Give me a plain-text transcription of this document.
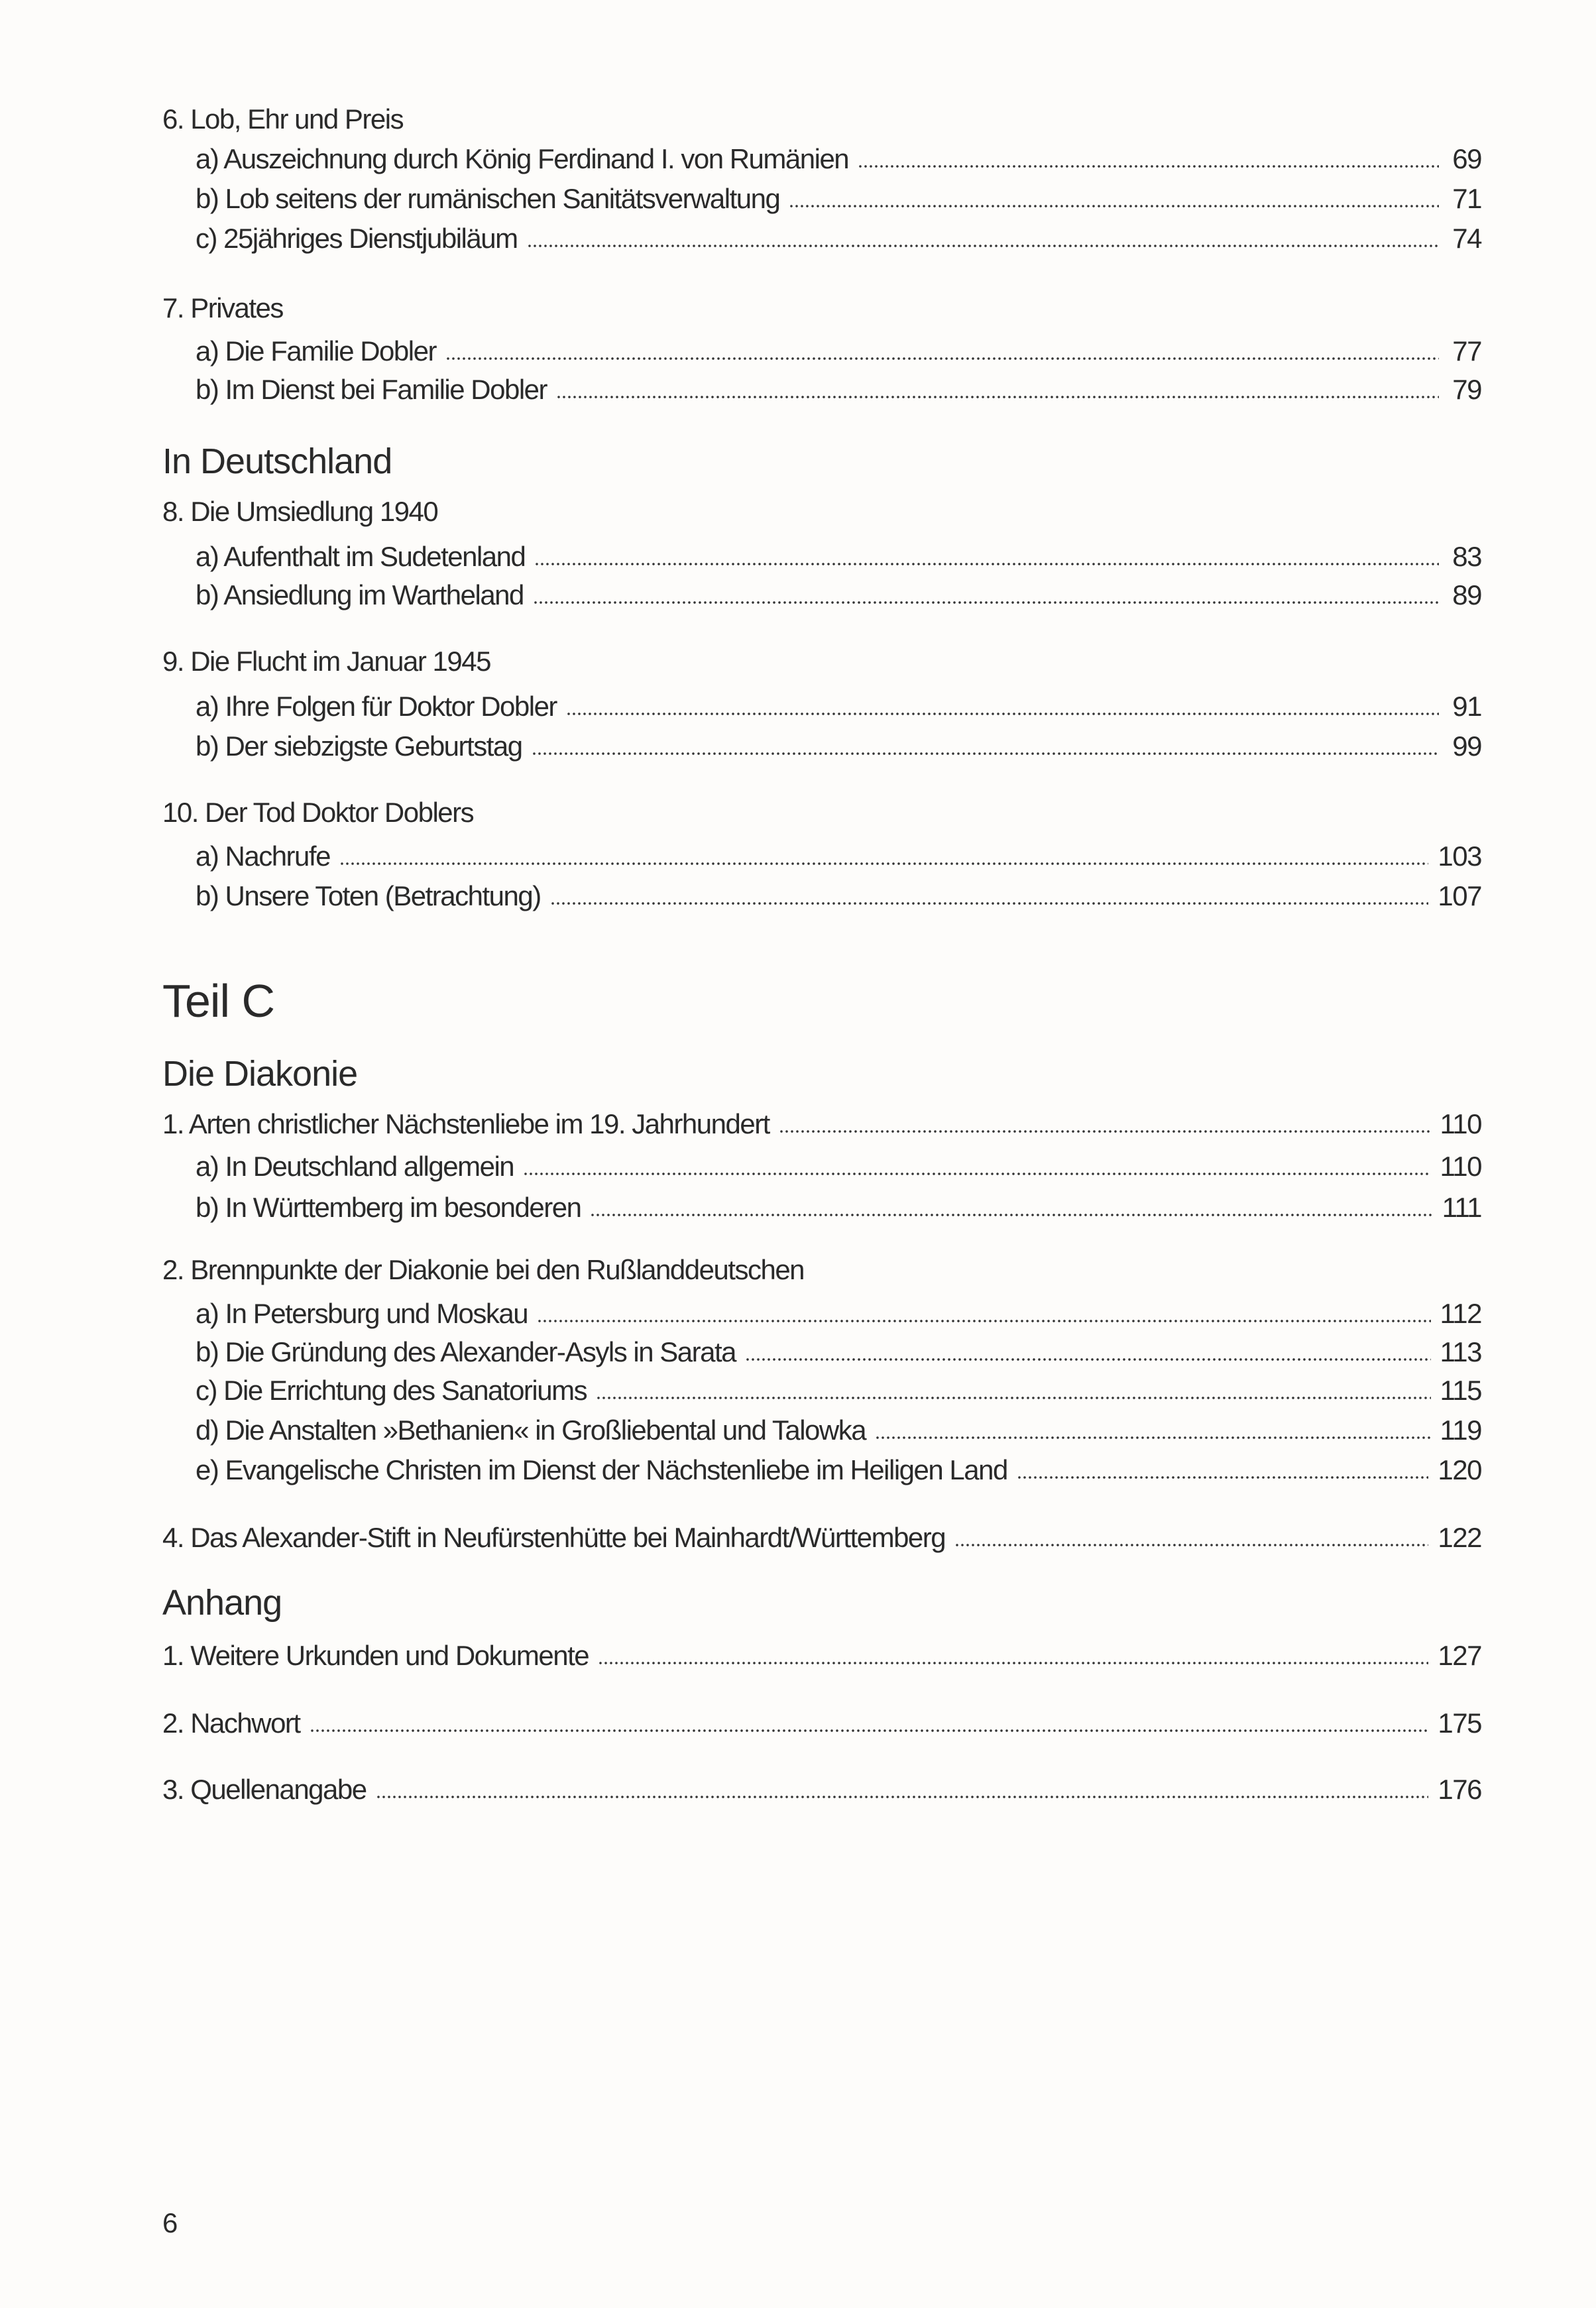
6. Lob, Ehr und Preis
a) Auszeichnung durch König Ferdinand I. von Rumänien	69
b) Lob seitens der rumänischen Sanitätsverwaltung	71
c) 25jähriges Dienstjubiläum	74
7. Privates
a) Die Familie Dobler	77
b) Im Dienst bei Familie Dobler	79
In Deutschland
8. Die Umsiedlung 1940
a) Aufenthalt im Sudetenland	83
b) Ansiedlung im Wartheland	89
9. Die Flucht im Januar 1945
a) Ihre Folgen für Doktor Dobler	91
b) Der siebzigste Geburtstag	99
10. Der Tod Doktor Doblers
a) Nachrufe	103
b) Unsere Toten (Betrachtung)	107
Teil C
Die Diakonie
1. Arten christlicher Nächstenliebe im 19. Jahrhundert	110
a) In Deutschland allgemein	110
b) In Württemberg im besonderen	111
2. Brennpunkte der Diakonie bei den Rußlanddeutschen
a) In Petersburg und Moskau	112
b) Die Gründung des Alexander-Asyls in Sarata	113
c) Die Errichtung des Sanatoriums	115
d) Die Anstalten »Bethanien« in Großliebental und Talowka	119
e) Evangelische Christen im Dienst der Nächstenliebe im Heiligen Land	120
4. Das Alexander-Stift in Neufürstenhütte bei Mainhardt/Württemberg	122
Anhang
1. Weitere Urkunden und Dokumente	127
2. Nachwort	175
3. Quellenangabe	176
6
